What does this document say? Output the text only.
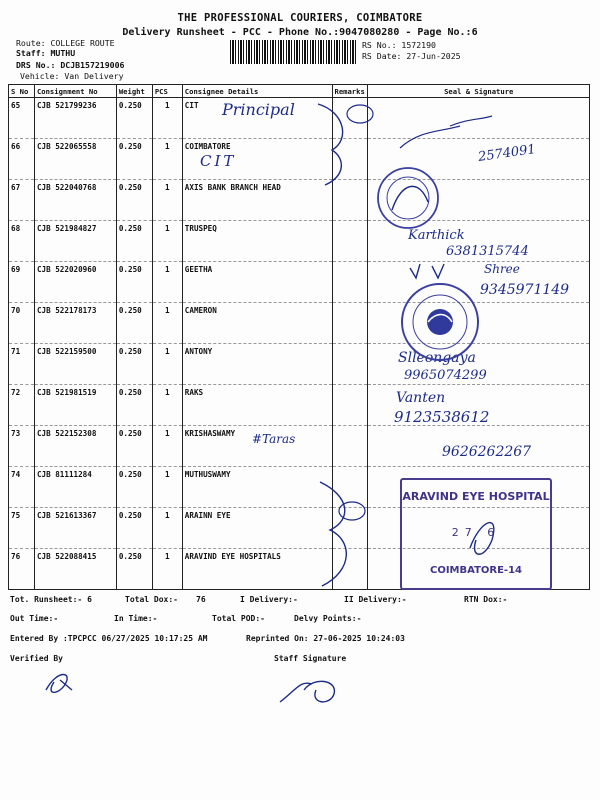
THE PROFESSIONAL COURIERS, COIMBATORE
Delivery Runsheet - PCC - Phone No.:9047080280 - Page No.:6
Route: COLLEGE ROUTE
Staff: MUTHU
DRS No.: DCJB157219006
Vehicle: Van Delivery
RS No.: 1572190
RS Date: 27-Jun-2025
S No	Consignment No	Weight	PCS	Consignee Details	Remarks	Seal & Signature
65	CJB 521799236	0.250	1	CIT		
66	CJB 522065558	0.250	1	COIMBATORE		
67	CJB 522040768	0.250	1	AXIS BANK BRANCH HEAD		
68	CJB 521984827	0.250	1	TRUSPEQ		
69	CJB 522020960	0.250	1	GEETHA		
70	CJB 522178173	0.250	1	CAMERON		
71	CJB 522159500	0.250	1	ANTONY		
72	CJB 521981519	0.250	1	RAKS		
73	CJB 522152308	0.250	1	KRISHASWAMY		
74	CJB 81111284	0.250	1	MUTHUSWAMY		
75	CJB 521613367	0.250	1	ARAINN EYE		
76	CJB 522088415	0.250	1	ARAVIND EYE HOSPITALS		
Tot. Runsheet:- 6	Total Dox:- 76	I Delivery:-	II Delivery:-	RTN Dox:-
Out Time:-	In Time:-	Total POD:-	Delvy Points:-
Entered By :TPCPCC 06/27/2025 10:17:25 AM	Reprinted On: 27-06-2025 10:24:03
Verified By	Staff Signature
ARAVIND EYE HOSPITAL
27 6
COIMBATORE-14
Principal
CIT	2574091
Karthick
6381315744
Shree
9345971149
Slleongaya
9965074299
Vanten
9123538612
#Taras
9626262267
